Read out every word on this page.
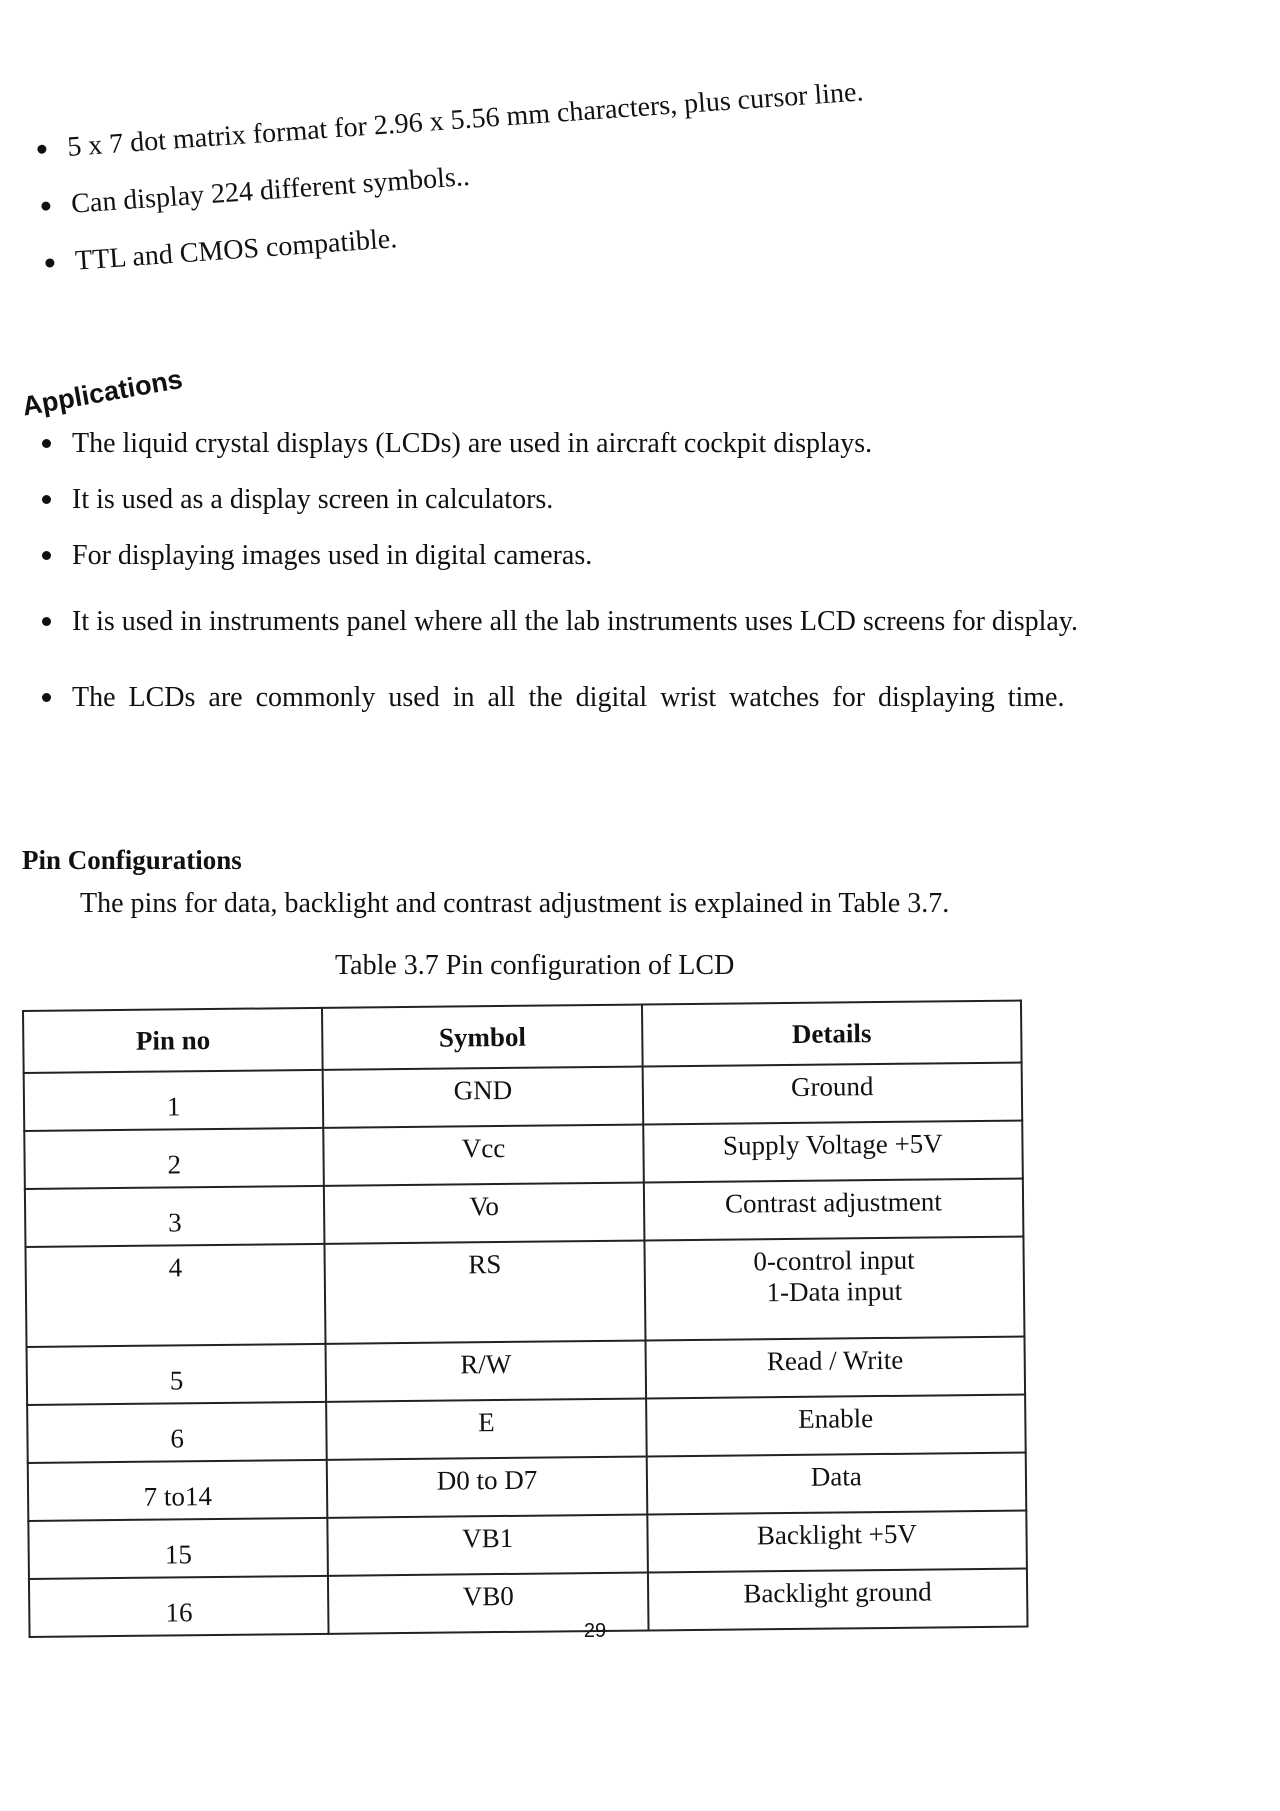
5 x 7 dot matrix format for 2.96 x 5.56 mm characters, plus cursor line.
Can display 224 different symbols..
TTL and CMOS compatible.
Applications
The liquid crystal displays (LCDs) are used in aircraft cockpit displays.
It is used as a display screen in calculators.
For displaying images used in digital cameras.
It is used in instruments panel where all the lab instruments uses LCD screens for display.
The LCDs are commonly used in all the digital wrist watches for displaying time.
Pin Configurations
The pins for data, backlight and contrast adjustment is explained in Table 3.7.
Table 3.7 Pin configuration of LCD
Pin no	Symbol	Details
1	GND	Ground
2	Vcc	Supply Voltage +5V
3	Vo	Contrast adjustment
4	RS	0-control input
1-Data input
5	R/W	Read / Write
6	E	Enable
7 to14	D0 to D7	Data
15	VB1	Backlight +5V
16	VB0	Backlight ground
29
